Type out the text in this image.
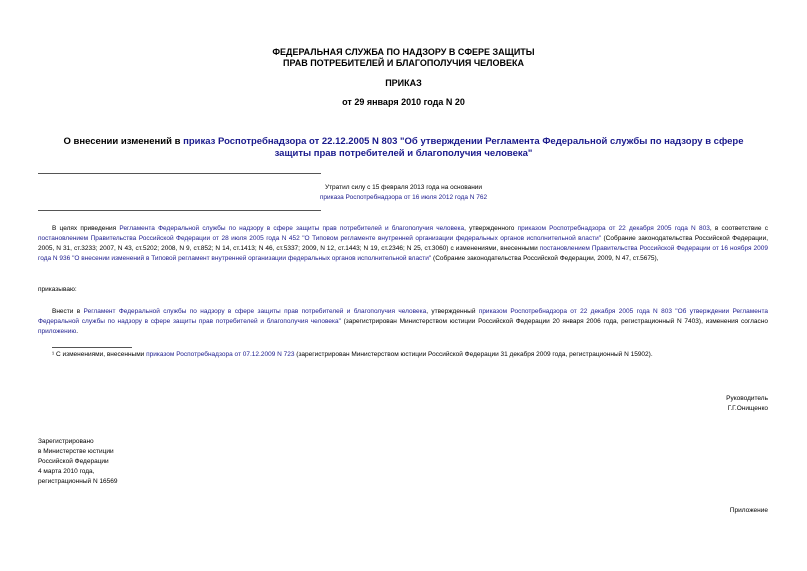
ФЕДЕРАЛЬНАЯ СЛУЖБА ПО НАДЗОРУ В СФЕРЕ ЗАЩИТЫ
ПРАВ ПОТРЕБИТЕЛЕЙ И БЛАГОПОЛУЧИЯ ЧЕЛОВЕКА
ПРИКАЗ
от 29 января 2010 года N 20
О внесении изменений в приказ Роспотребнадзора от 22.12.2005 N 803 "Об утверждении Регламента Федеральной службы по надзору в сфере защиты прав потребителей и благополучия человека"
Утратил силу с 15 февраля 2013 года на основании
приказа Роспотребнадзора от 16 июля 2012 года N 762
В целях приведения Регламента Федеральной службы по надзору в сфере защиты прав потребителей и благополучия человека, утвержденного приказом Роспотребнадзора от 22 декабря 2005 года N 803, в соответствие с постановлением Правительства Российской Федерации от 28 июля 2005 года N 452 "О Типовом регламенте внутренней организации федеральных органов исполнительной власти" (Собрание законодательства Российской Федерации, 2005, N 31, ст.3233; 2007, N 43, ст.5202; 2008, N 9, ст.852; N 14, ст.1413; N 46, ст.5337; 2009, N 12, ст.1443; N 19, ст.2346; N 25, ст.3060) с изменениями, внесенными постановлением Правительства Российской Федерации от 16 ноября 2009 года N 936 "О внесении изменений в Типовой регламент внутренней организации федеральных органов исполнительной власти" (Собрание законодательства Российской Федерации, 2009, N 47, ст.5675),
приказываю:
Внести в Регламент Федеральной службы по надзору в сфере защиты прав потребителей и благополучия человека, утвержденный приказом Роспотребнадзора от 22 декабря 2005 года N 803 "Об утверждении Регламента Федеральной службы по надзору в сфере защиты прав потребителей и благополучия человека" (зарегистрирован Министерством юстиции Российской Федерации 20 января 2006 года, регистрационный N 7403), изменения согласно приложению.
¹ С изменениями, внесенными приказом Роспотребнадзора от 07.12.2009 N 723 (зарегистрирован Министерством юстиции Российской Федерации 31 декабря 2009 года, регистрационный N 15902).
Руководитель
Г.Г.Онищенко
Зарегистрировано
в Министерстве юстиции
Российской Федерации
4 марта 2010 года,
регистрационный N 16569
Приложение
